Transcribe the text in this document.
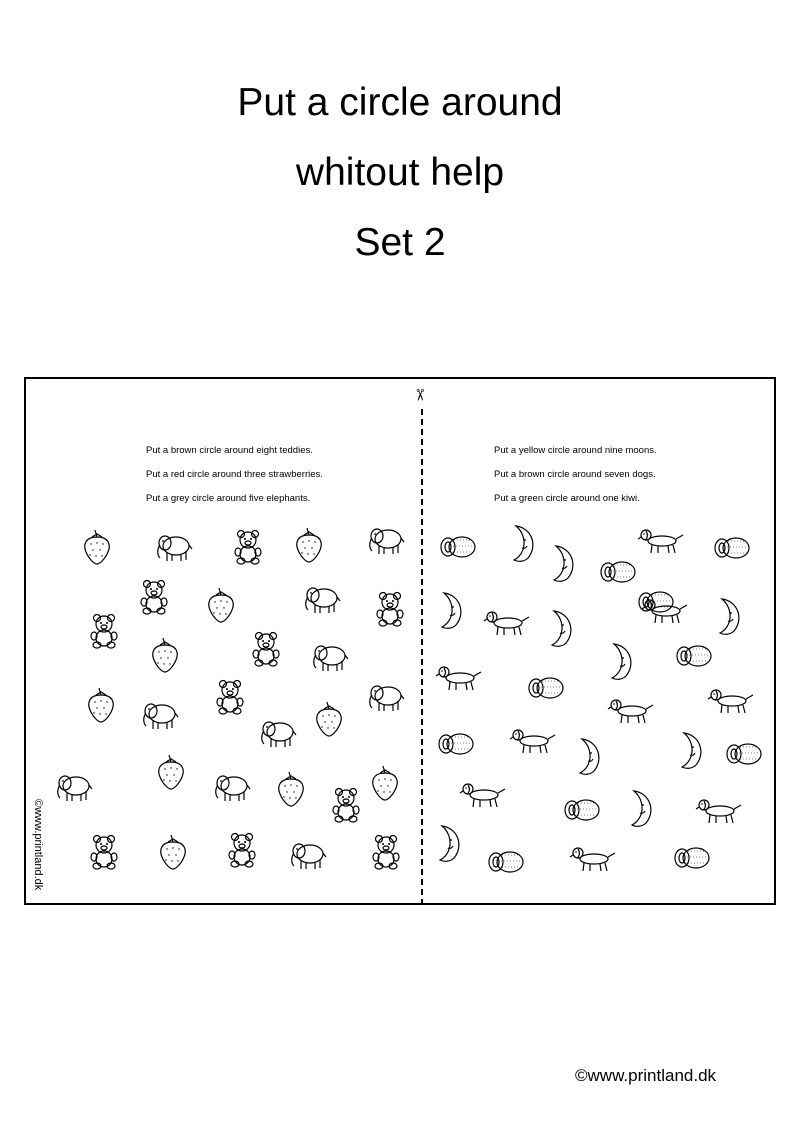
Put a circle around
whitout help
Set 2
✂
Put a brown circle around eight teddies.
Put a red circle around three strawberries.
Put a grey circle around five elephants.
Put a yellow circle around nine moons.
Put a brown circle around seven dogs.
Put a green circle around one kiwi.
©www.printland.dk
©www.printland.dk
